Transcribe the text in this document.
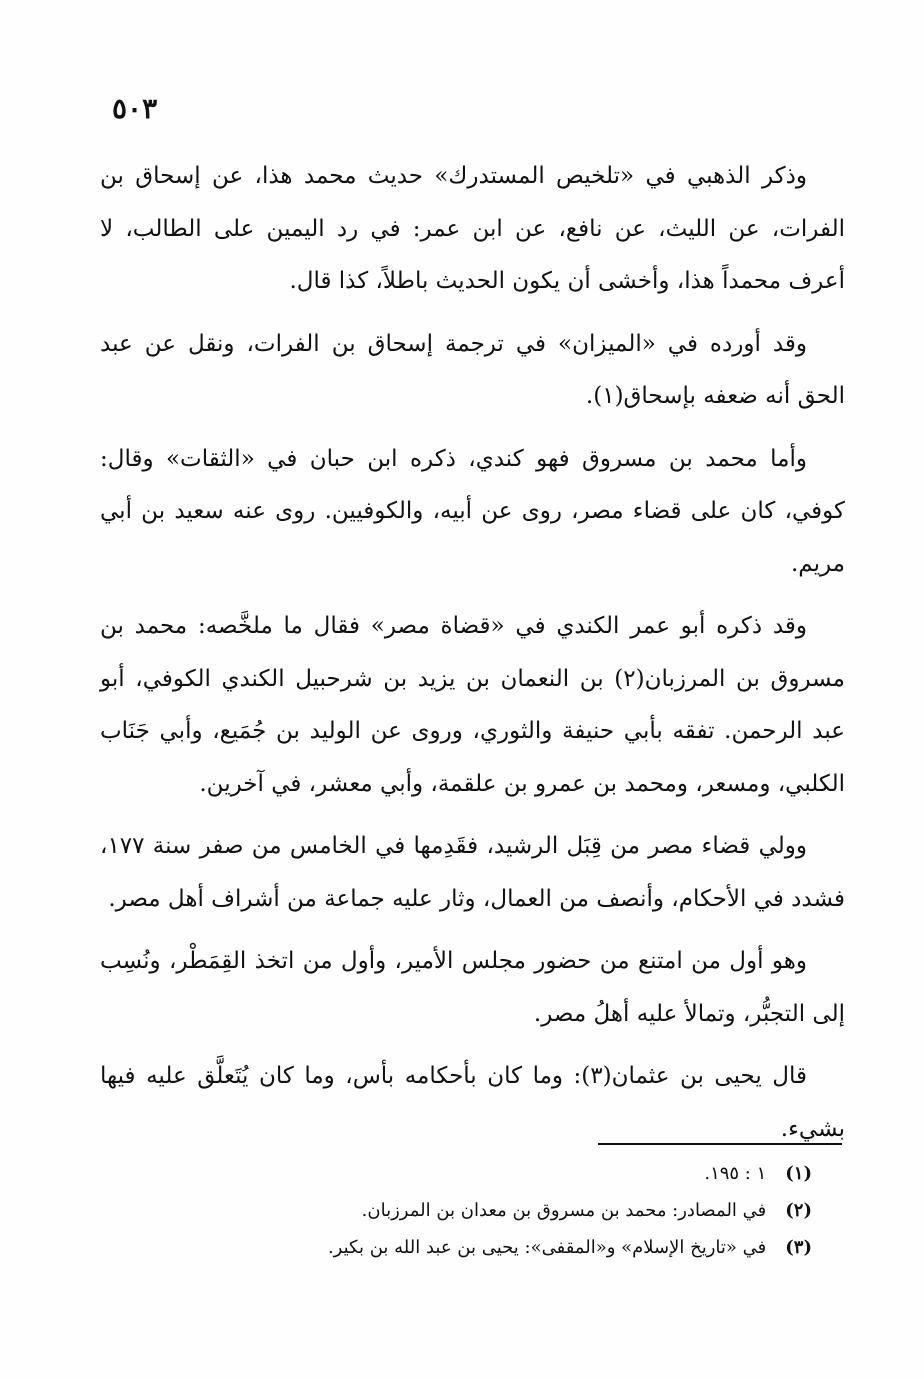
٥٠٣

وذكر الذهبي في «تلخيص المستدرك» حديث محمد هذا، عن إسحاق بن الفرات، عن الليث، عن نافع، عن ابن عمر: في رد اليمين على الطالب، لا أعرف محمداً هذا، وأخشى أن يكون الحديث باطلاً، كذا قال.

وقد أورده في «الميزان» في ترجمة إسحاق بن الفرات، ونقل عن عبد الحق أنه ضعفه بإسحاق(١).

وأما محمد بن مسروق فهو كندي، ذكره ابن حبان في «الثقات» وقال: كوفي، كان على قضاء مصر، روى عن أبيه، والكوفيين. روى عنه سعيد بن أبي مريم.

وقد ذكره أبو عمر الكندي في «قضاة مصر» فقال ما ملخَّصه: محمد بن مسروق بن المرزبان(٢) بن النعمان بن يزيد بن شرحبيل الكندي الكوفي، أبو عبد الرحمن. تفقه بأبي حنيفة والثوري، وروى عن الوليد بن جُمَيع، وأبي جَنَاب الكلبي، ومسعر، ومحمد بن عمرو بن علقمة، وأبي معشر، في آخرين.

وولي قضاء مصر من قِبَل الرشيد، فقَدِمها في الخامس من صفر سنة ١٧٧، فشدد في الأحكام، وأنصف من العمال، وثار عليه جماعة من أشراف أهل مصر.

وهو أول من امتنع من حضور مجلس الأمير، وأول من اتخذ القِمَطْر، ونُسِب إلى التجبُّر، وتمالأ عليه أهلُ مصر.

قال يحيى بن عثمان(٣): وما كان بأحكامه بأس، وما كان يُتَعلَّق عليه فيها بشيء.

(١) ١ : ١٩٥.

(٢) في المصادر: محمد بن مسروق بن معدان بن المرزبان.

(٣) في «تاريخ الإسلام» و«المقفى»: يحيى بن عبد الله بن بكير.
